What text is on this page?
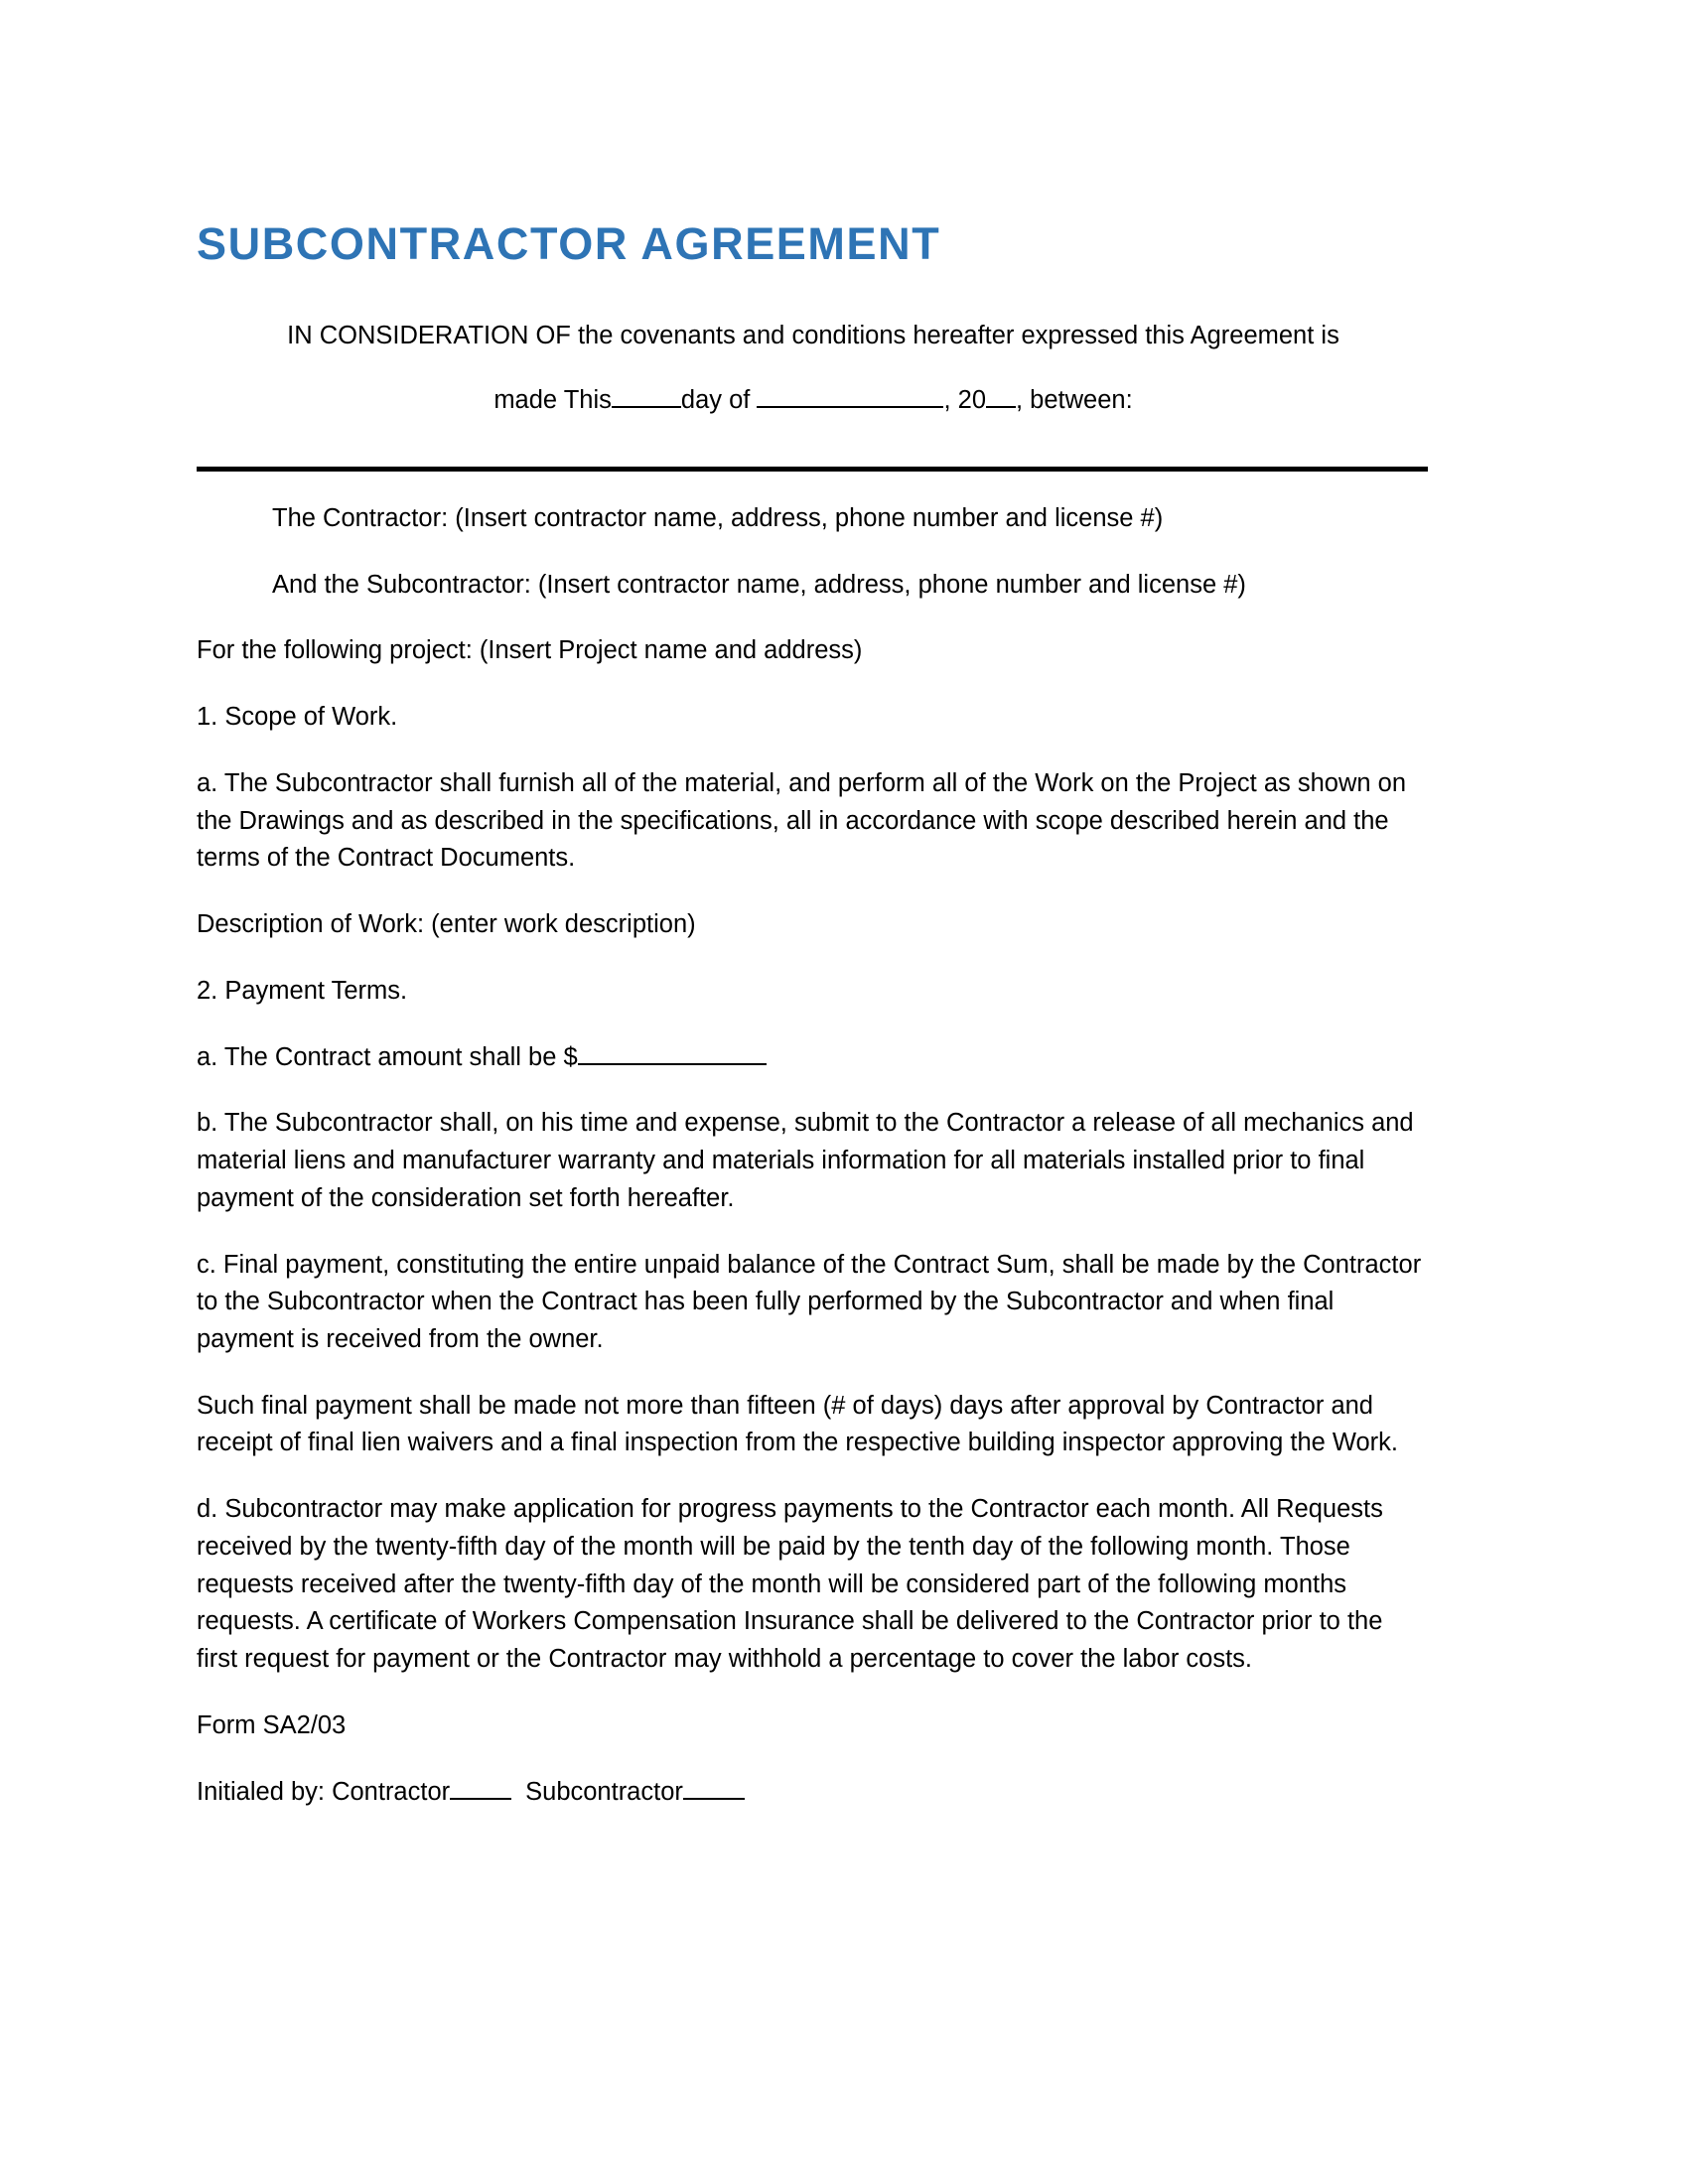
SUBCONTRACTOR AGREEMENT
IN CONSIDERATION OF the covenants and conditions hereafter expressed this Agreement is
made This	day of	, 20 , between:

The Contractor: (Insert contractor name, address, phone number and license #)

And the Subcontractor: (Insert contractor name, address, phone number and license #)

For the following project: (Insert Project name and address)

1. Scope of Work.

a. The Subcontractor shall furnish all of the material, and perform all of the Work on the Project as shown on the Drawings and as described in the specifications, all in accordance with scope described herein and the terms of the Contract Documents.

Description of Work: (enter work description)

2. Payment Terms.

a. The Contract amount shall be $

b. The Subcontractor shall, on his time and expense, submit to the Contractor a release of all mechanics and material liens and manufacturer warranty and materials information for all materials installed prior to final payment of the consideration set forth hereafter.

c. Final payment, constituting the entire unpaid balance of the Contract Sum, shall be made by the Contractor to the Subcontractor when the Contract has been fully performed by the Subcontractor and when final payment is received from the owner.

Such final payment shall be made not more than fifteen (# of days) days after approval by Contractor and receipt of final lien waivers and a final inspection from the respective building inspector approving the Work.

d. Subcontractor may make application for progress payments to the Contractor each month. All Requests received by the twenty-fifth day of the month will be paid by the tenth day of the following month. Those requests received after the twenty-fifth day of the month will be considered part of the following months requests. A certificate of Workers Compensation Insurance shall be delivered to the Contractor prior to the first request for payment or the Contractor may withhold a percentage to cover the labor costs.

Form SA2/03

Initialed by: Contractor	Subcontractor
